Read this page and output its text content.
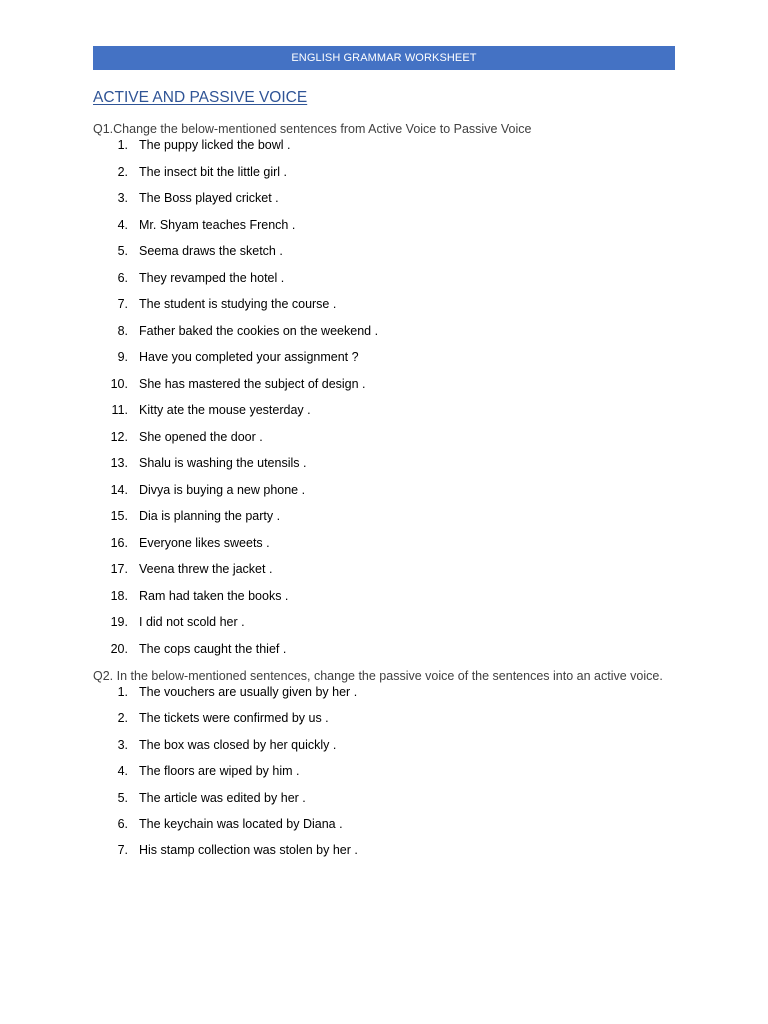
ENGLISH GRAMMAR WORKSHEET
ACTIVE AND PASSIVE VOICE
Q1.Change the below-mentioned sentences from Active Voice to Passive Voice
1. The puppy licked the bowl .
2. The insect bit the little girl .
3. The Boss played cricket .
4. Mr. Shyam teaches French .
5. Seema draws the sketch .
6. They revamped the hotel .
7. The student is studying the course .
8. Father baked the cookies on the weekend .
9. Have you completed your assignment ?
10. She has mastered the subject of design .
11. Kitty ate the mouse yesterday .
12. She opened the door .
13. Shalu is washing the utensils .
14. Divya is buying a new phone .
15. Dia is planning the party .
16. Everyone likes sweets .
17. Veena threw the jacket .
18. Ram had taken the books .
19. I did not scold her .
20. The cops caught the thief .
Q2. In the below-mentioned sentences, change the passive voice of the sentences into an active voice.
1. The vouchers are usually given by her .
2. The tickets were confirmed by us .
3. The box was closed by her quickly .
4. The floors are wiped by him .
5. The article was edited by her .
6. The keychain was located by Diana .
7. His stamp collection was stolen by her .
